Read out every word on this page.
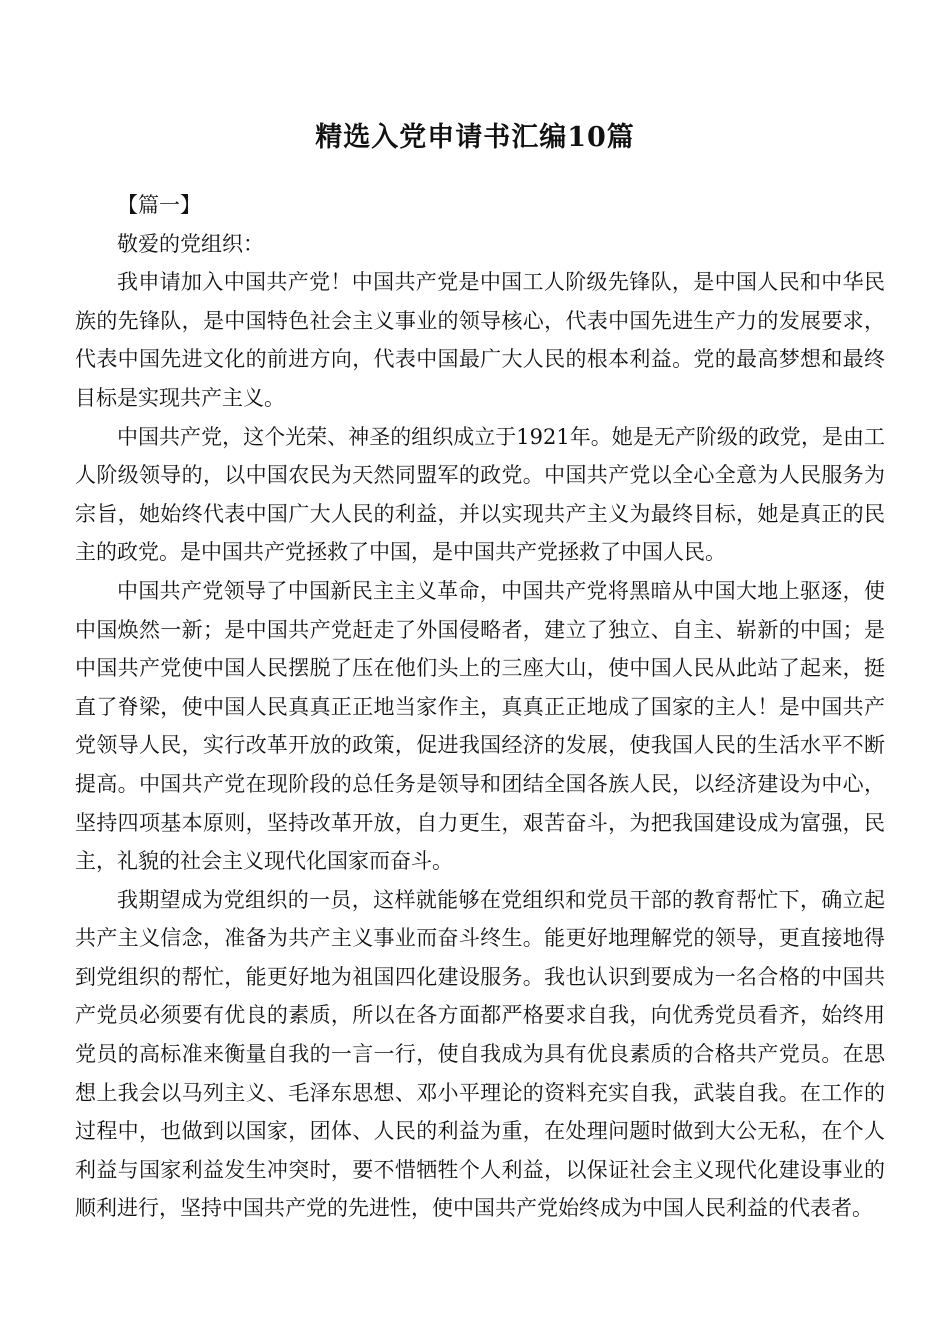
精选入党申请书汇编10篇

【篇一】

敬爱的党组织：

我申请加入中国共产党！中国共产党是中国工人阶级先锋队，是中国人民和中华民族的先锋队，是中国特色社会主义事业的领导核心，代表中国先进生产力的发展要求，代表中国先进文化的前进方向，代表中国最广大人民的根本利益。党的最高梦想和最终目标是实现共产主义。

中国共产党，这个光荣、神圣的组织成立于1921年。她是无产阶级的政党，是由工人阶级领导的，以中国农民为天然同盟军的政党。中国共产党以全心全意为人民服务为宗旨，她始终代表中国广大人民的利益，并以实现共产主义为最终目标，她是真正的民主的政党。是中国共产党拯救了中国，是中国共产党拯救了中国人民。

中国共产党领导了中国新民主主义革命，中国共产党将黑暗从中国大地上驱逐，使中国焕然一新；是中国共产党赶走了外国侵略者，建立了独立、自主、崭新的中国；是中国共产党使中国人民摆脱了压在他们头上的三座大山，使中国人民从此站了起来，挺直了脊梁，使中国人民真真正正地当家作主，真真正正地成了国家的主人！是中国共产党领导人民，实行改革开放的政策，促进我国经济的发展，使我国人民的生活水平不断提高。中国共产党在现阶段的总任务是领导和团结全国各族人民，以经济建设为中心，坚持四项基本原则，坚持改革开放，自力更生，艰苦奋斗，为把我国建设成为富强，民主，礼貌的社会主义现代化国家而奋斗。

我期望成为党组织的一员，这样就能够在党组织和党员干部的教育帮忙下，确立起共产主义信念，准备为共产主义事业而奋斗终生。能更好地理解党的领导，更直接地得到党组织的帮忙，能更好地为祖国四化建设服务。我也认识到要成为一名合格的中国共产党员必须要有优良的素质，所以在各方面都严格要求自我，向优秀党员看齐，始终用党员的高标准来衡量自我的一言一行，使自我成为具有优良素质的合格共产党员。在思想上我会以马列主义、毛泽东思想、邓小平理论的资料充实自我，武装自我。在工作的过程中，也做到以国家，团体、人民的利益为重，在处理问题时做到大公无私，在个人利益与国家利益发生冲突时，要不惜牺牲个人利益，以保证社会主义现代化建设事业的顺利进行，坚持中国共产党的先进性，使中国共产党始终成为中国人民利益的代表者。
